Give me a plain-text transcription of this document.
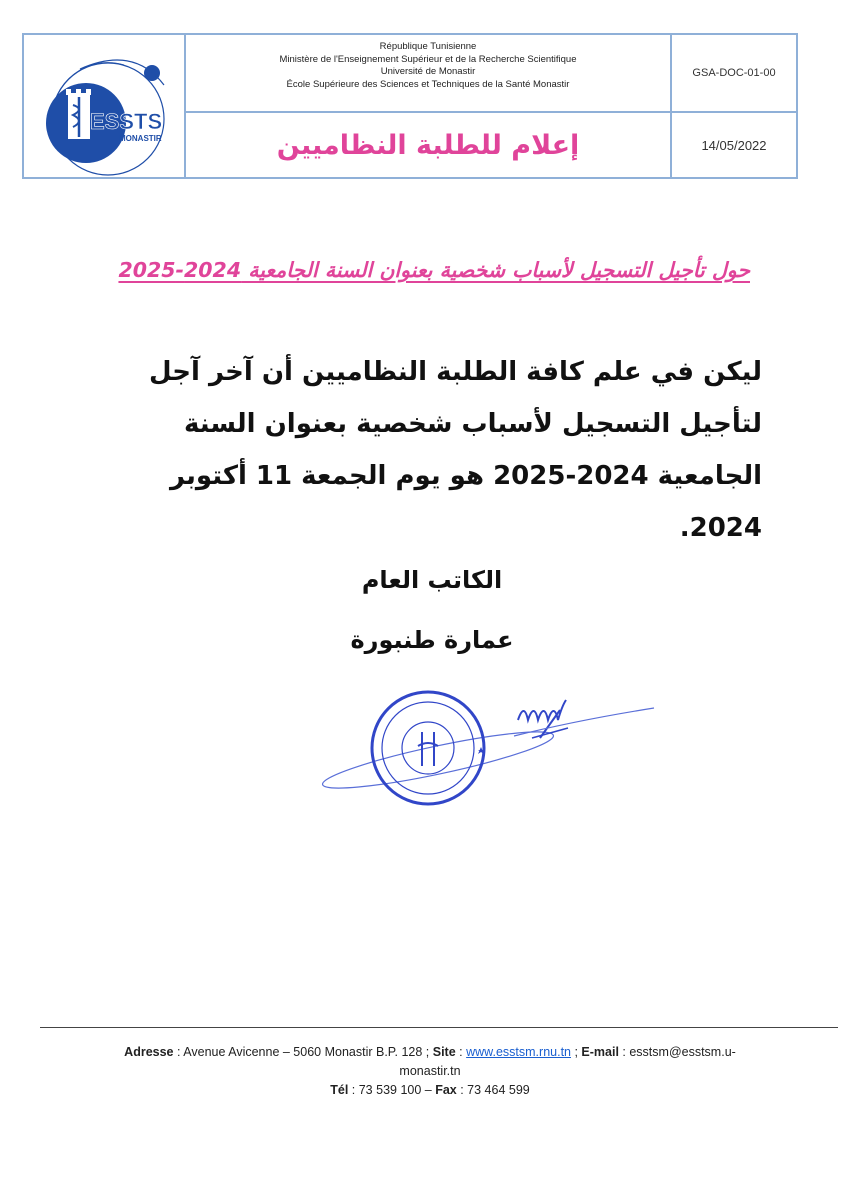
ESSTS
MONASTIR
République Tunisienne
Ministère de l'Enseignement Supérieur et de la Recherche Scientifique
Université de Monastir
École Supérieure des Sciences et Techniques de la Santé Monastir
GSA-DOC-01-00
إعلام للطلبة النظاميين	14/05/2022
حول تأجيل التسجيل لأسباب شخصية بعنوان السنة الجامعية 2024-2025
ليكن في علم كافة الطلبة النظاميين أن آخر آجل لتأجيل التسجيل لأسباب شخصية بعنوان السنة الجامعية 2024-2025 هو يوم الجمعة 11 أكتوبر 2024.
الكاتب العام
عمارة طنبورة
Adresse : Avenue Avicenne – 5060 Monastir B.P. 128 ; Site : www.esstsm.rnu.tn ; E-mail : esstsm@esstsm.u-monastir.tn
Tél : 73 539 100 – Fax : 73 464 599
